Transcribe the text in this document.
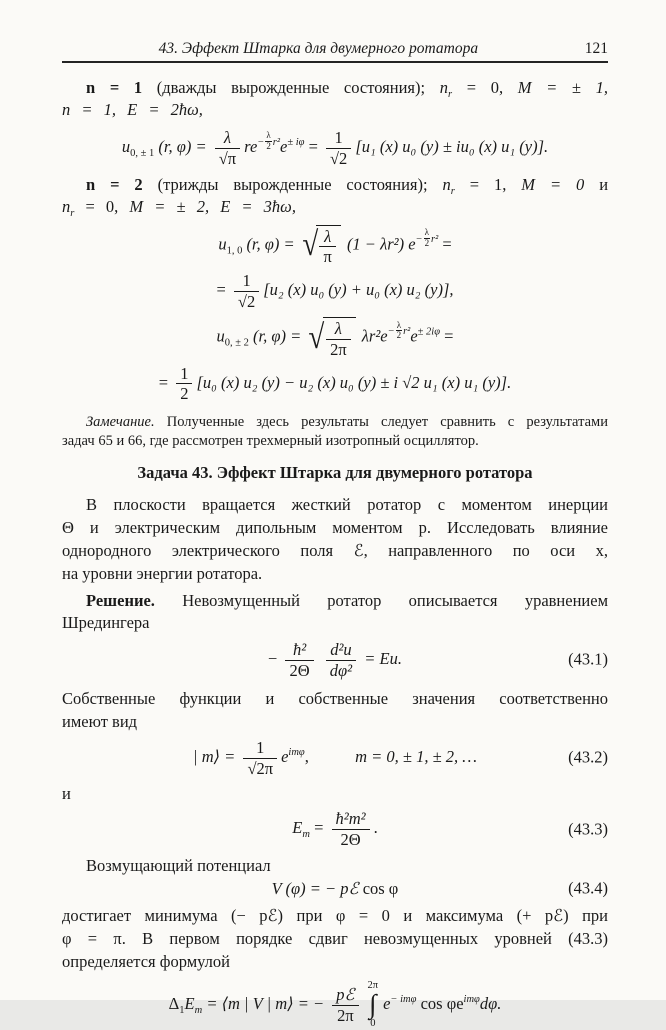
43. Эффект Штарка для двумерного ротатора	121
n = 1 (дважды вырожденные состояния); $n_r = 0$, M = ± 1,
n = 1, E = 2ħω,
$u_{0, \pm 1}$ (r, $\varphi) = \frac{\lambda}{√\pi} re^{- \frac{\lambda}{2} r^2}e^{\pm i\varphi} = \frac{1}{√2} [u_1$ (x) u₀ (y) ± iu₀ (x) u₁ (y)].
n = 2 (трижды вырожденные состояния); $n_r = 1$, M = 0 и
$n_r = 0$, M = ± 2, E = 3ħω,
$u_{1, 0}$ (r, φ) = √ $\frac{\lambda}{\pi} (1 - \lambda r^2) e^{- \frac{\lambda}{2} r^2}$ =
= $\frac{1}{√2} [u_2$ (x) u₀ (y) + u₀ (x) u₂ (y)],
$u_{0, \pm 2}$ (r, φ) = √ $\frac{\lambda}{2\pi} \lambda r^2e^{- \frac{\lambda}{2} r^2}e^{\pm 2i\varphi}$ =
= $\frac{1}{2} [u_0$ (x) u₂ (y) − u₂ (x) u₀ (y) ± i √2 u₁ (x) u₁ (y)].
Замечание. Полученные здесь результаты следует сравнить с результатами
задач 65 и 66, где рассмотрен трехмерный изотропный осциллятор.
Задача 43. Эффект Штарка для двумерного ротатора
В плоскости вращается жесткий ротатор с моментом инерции
Θ и электрическим дипольным моментом p. Исследовать влияние
однородного электрического поля ℰ, направленного по оси x,
на уровни энергии ротатора.
Решение. Невозмущенный ротатор описывается уравнением
Шредингера
− $\frac{\text{ħ²}}{2\Theta}$
$\frac{\text{d²u}}{\text{dφ²}} = Eu$.	(43.1)
Собственные функции и собственные значения соответственно
имеют вид
| m⟩ = $\frac{1}{√2\pi} e^{im\varphi}$,	m = 0, ± 1, ± 2, …	(43.2)
и
$E_m = \frac{\text{ħ²m²}}{2\Theta}$ .	(43.3)
Возмущающий потенциал
V (φ) = − pℰ cos φ	(43.4)
достигает минимума (− pℰ) при φ = 0 и максимума (+ pℰ) при
φ = π. В первом порядке сдвиг невозмущенных уровней (43.3)
определяется формулой
$\Delta_1E_m$ = ⟨m | V | m⟩ = − pℰ
2π
2π
∫
0
$e^{- im\varphi}$ $\cos \varphi e^{im\varphi}d\varphi$.
